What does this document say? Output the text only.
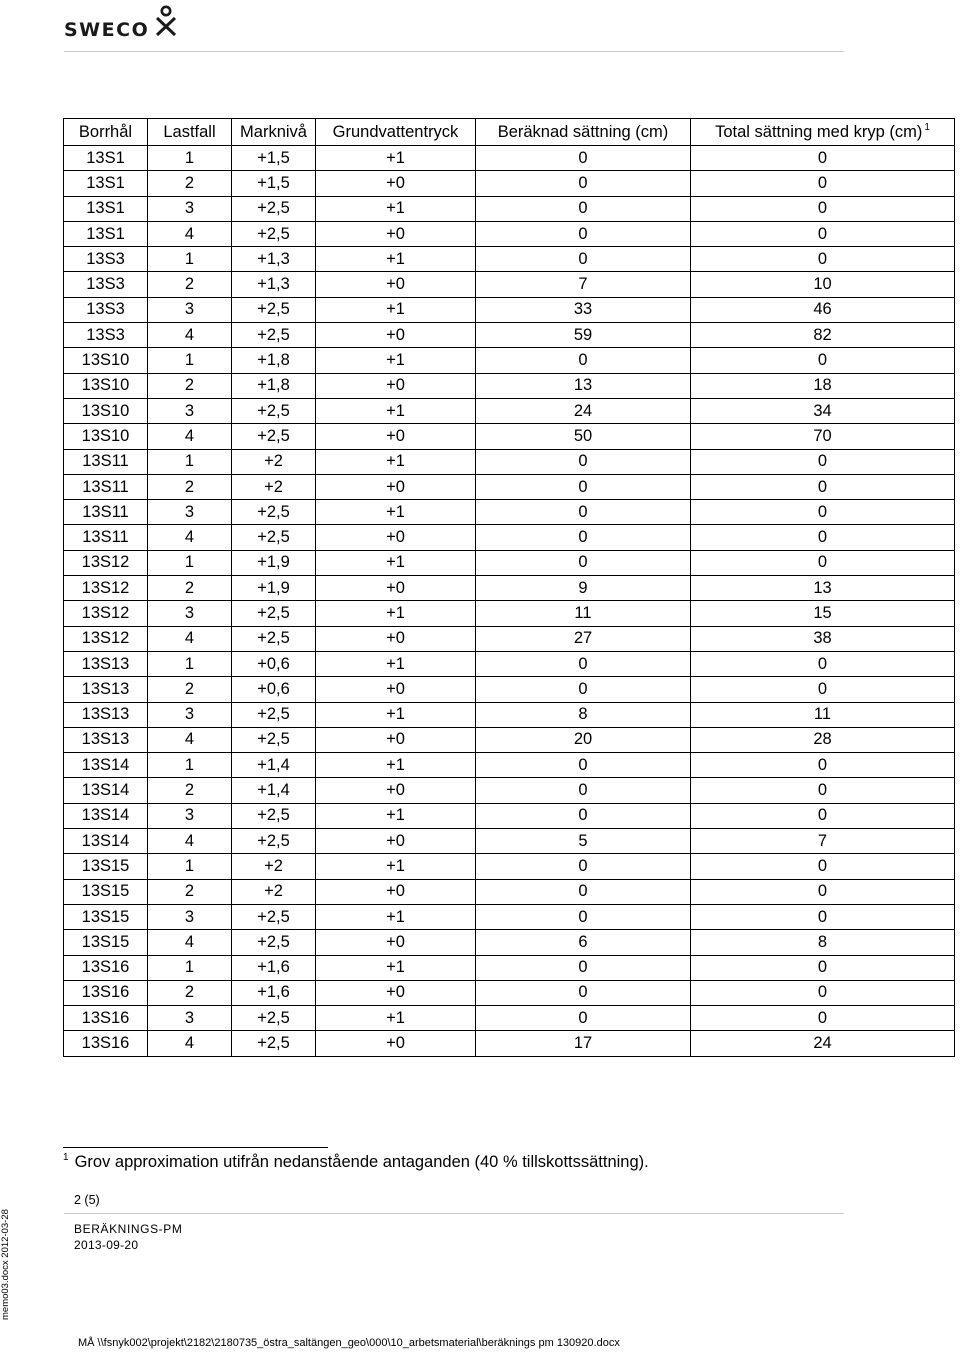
SWECO
Borrhål	Lastfall	Marknivå	Grundvattentryck	Beräknad sättning (cm)	Total sättning med kryp (cm) $^1$
13S1	1	+1,5	+1	0	0
13S1	2	+1,5	+0	0	0
13S1	3	+2,5	+1	0	0
13S1	4	+2,5	+0	0	0
13S3	1	+1,3	+1	0	0
13S3	2	+1,3	+0	7	10
13S3	3	+2,5	+1	33	46
13S3	4	+2,5	+0	59	82
13S10	1	+1,8	+1	0	0
13S10	2	+1,8	+0	13	18
13S10	3	+2,5	+1	24	34
13S10	4	+2,5	+0	50	70
13S11	1	+2	+1	0	0
13S11	2	+2	+0	0	0
13S11	3	+2,5	+1	0	0
13S11	4	+2,5	+0	0	0
13S12	1	+1,9	+1	0	0
13S12	2	+1,9	+0	9	13
13S12	3	+2,5	+1	11	15
13S12	4	+2,5	+0	27	38
13S13	1	+0,6	+1	0	0
13S13	2	+0,6	+0	0	0
13S13	3	+2,5	+1	8	11
13S13	4	+2,5	+0	20	28
13S14	1	+1,4	+1	0	0
13S14	2	+1,4	+0	0	0
13S14	3	+2,5	+1	0	0
13S14	4	+2,5	+0	5	7
13S15	1	+2	+1	0	0
13S15	2	+2	+0	0	0
13S15	3	+2,5	+1	0	0
13S15	4	+2,5	+0	6	8
13S16	1	+1,6	+1	0	0
13S16	2	+1,6	+0	0	0
13S16	3	+2,5	+1	0	0
13S16	4	+2,5	+0	17	24
$^1$ Grov approximation utifrån nedanstående antaganden (40 % tillskottssättning).
2 (5)
BERÄKNINGS-PM
2013-09-20
MÅ \\fsnyk002\projekt\2182\2180735_östra_saltängen_geo\000\10_arbetsmaterial\beräknings pm 130920.docx
memo03.docx 2012-03-28
